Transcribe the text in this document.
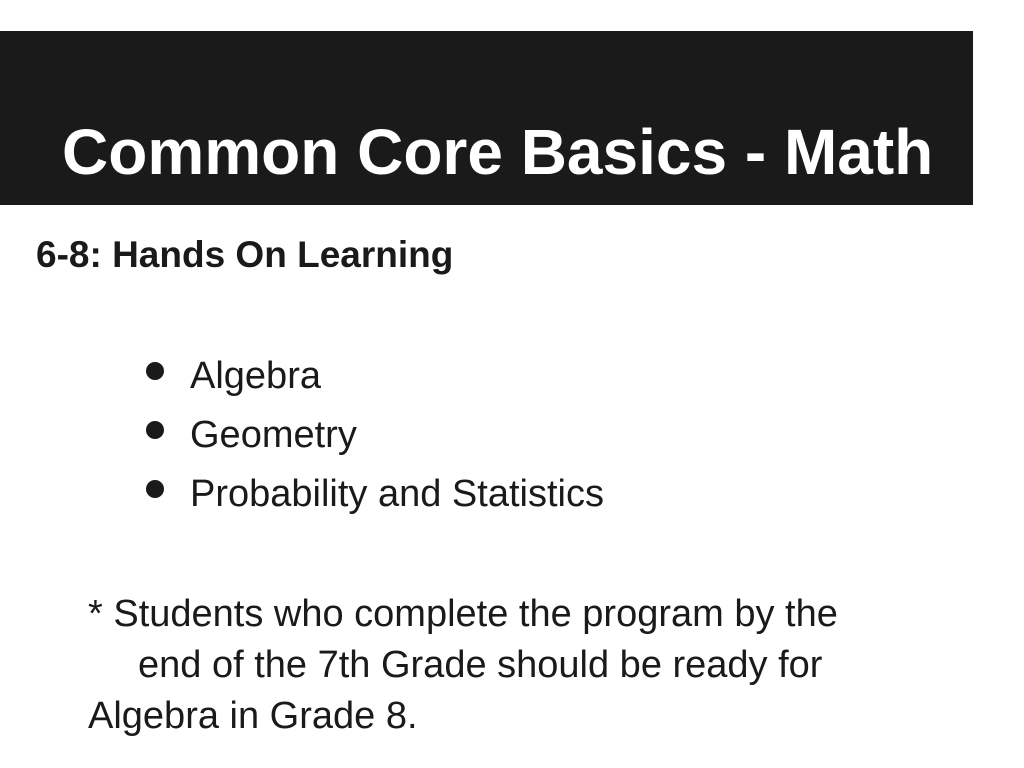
Common Core Basics - Math
6-8: Hands On Learning
Algebra
Geometry
Probability and Statistics

* Students who complete the program by the
end of the 7th Grade should be ready for
Algebra in Grade 8.
